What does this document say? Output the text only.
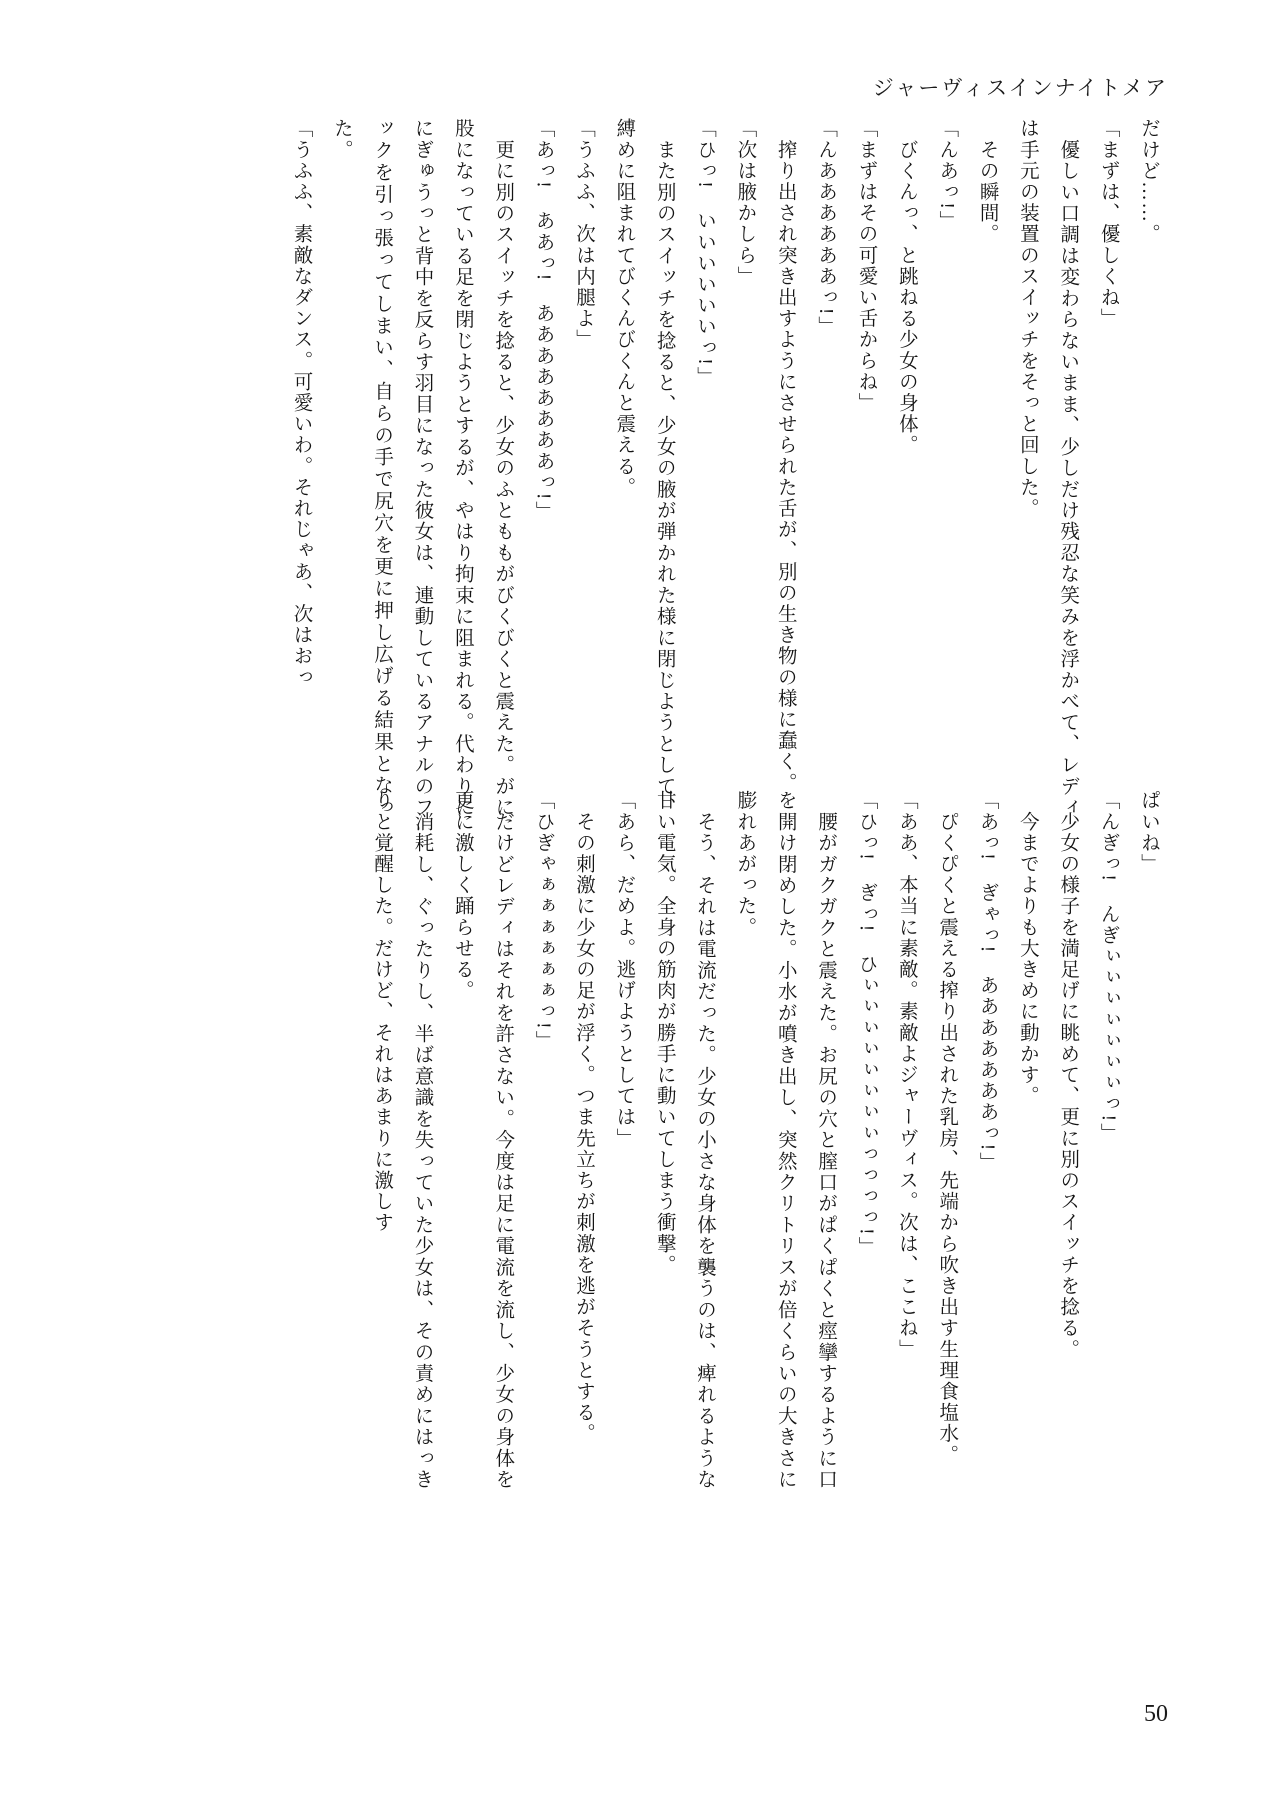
ジャーヴィスインナイトメア

だけど……。

「まずは、優しくね」

　優しい口調は変わらないまま、少しだけ残忍な笑みを浮かべて、レディは手元の装置のスイッチをそっと回した。

　その瞬間。

「んあっ!」

　びくんっ、と跳ねる少女の身体。

「まずはその可愛い舌からね」

「んああああああっ!」

　搾り出され突き出すようにさせられた舌が、別の生き物の様に蠢く。

「次は腋かしら」

「ひっ!　いいいいいいっ!」

　また別のスイッチを捻ると、少女の腋が弾かれた様に閉じようとして、縛めに阻まれてびくんびくんと震える。

「うふふ、次は内腿よ」

「あっ!　ああっ!　ああああああああっ!」

　更に別のスイッチを捻ると、少女のふとももがびくびくと震えた。がに股になっている足を閉じようとするが、やはり拘束に阻まれる。代わりににぎゅうっと背中を反らす羽目になった彼女は、連動しているアナルのフックを引っ張ってしまい、自らの手で尻穴を更に押し広げる結果となった。

「うふふ、素敵なダンス。可愛いわ。それじゃあ、次はおっ

ぱいね」

「んぎっ!　んぎぃぃぃぃぃぃぃっ!」

　少女の様子を満足げに眺めて、更に別のスイッチを捻る。

　今までよりも大きめに動かす。

「あっ!　ぎゃっ!　あああああああっ!」

　ぴくぴくと震える搾り出された乳房、先端から吹き出す生理食塩水。

「ああ、本当に素敵。素敵よジャーヴィス。次は、ここね」

「ひっ!　ぎっ!　ひぃぃぃぃぃぃぃぃっっっっ!」

　腰がガクガクと震えた。お尻の穴と膣口がぱくぱくと痙攣するように口を開け閉めした。小水が噴き出し、突然クリトリスが倍くらいの大きさに膨れあがった。

　そう、それは電流だった。少女の小さな身体を襲うのは、痺れるような甘い電気。全身の筋肉が勝手に動いてしまう衝撃。

「あら、だめよ。逃げようとしては」

　その刺激に少女の足が浮く。つま先立ちが刺激を逃がそうとする。

「ひぎゃぁぁぁぁぁぁっ!」

　だけどレディはそれを許さない。今度は足に電流を流し、少女の身体を更に激しく踊らせる。

　消耗し、ぐったりし、半ば意識を失っていた少女は、その責めにはっきりと覚醒した。だけど、それはあまりに激しす

50
